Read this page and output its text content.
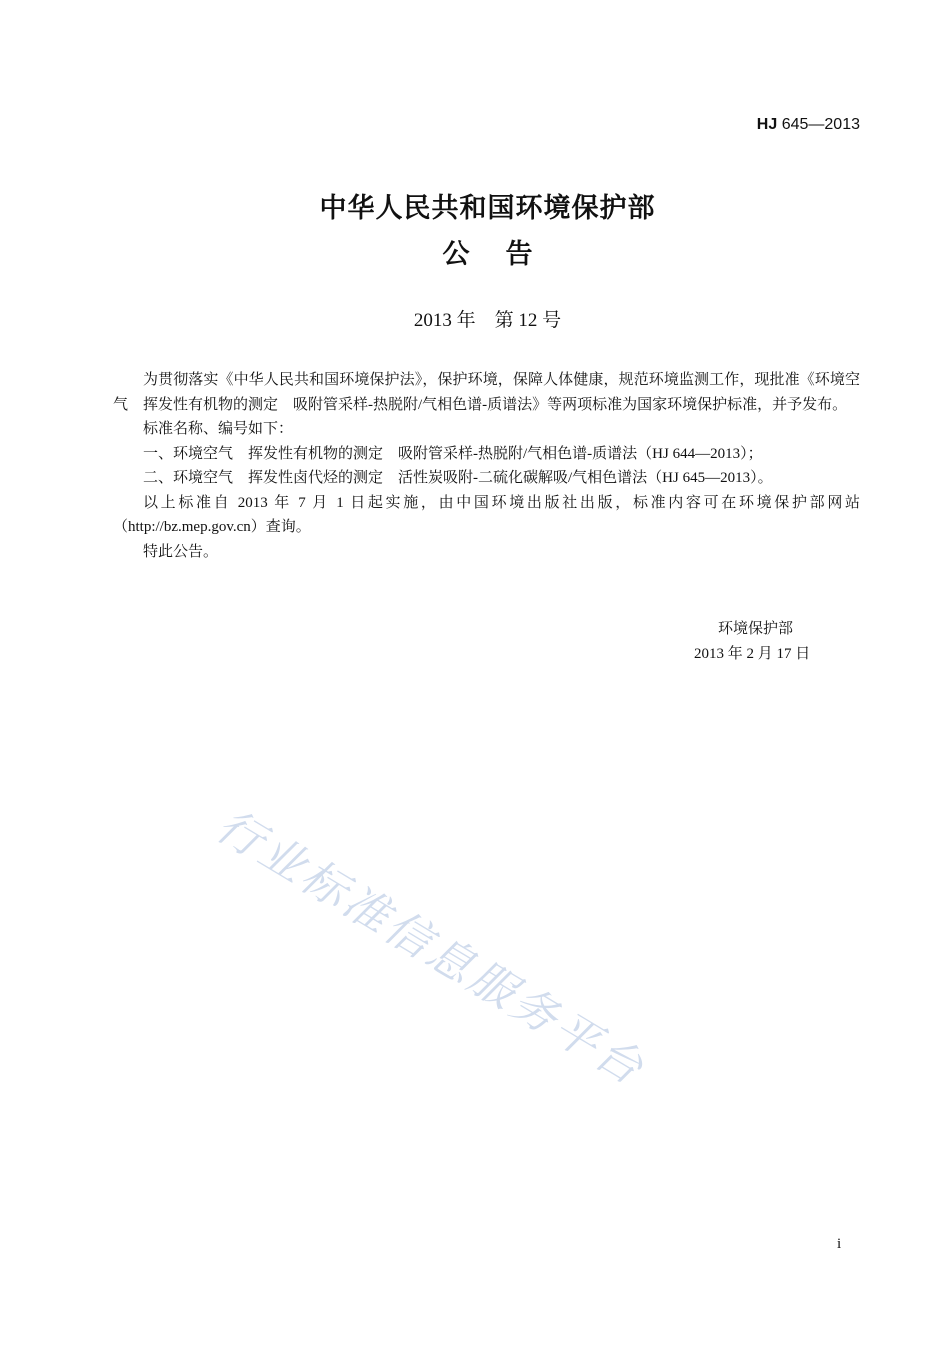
HJ 645—2013
中华人民共和国环境保护部
公告
2013 年　第 12 号

为贯彻落实《中华人民共和国环境保护法》，保护环境，保障人体健康，规范环境监测工作，现批准《环境空气　挥发性有机物的测定　吸附管采样-热脱附/气相色谱-质谱法》等两项标准为国家环境保护标准，并予发布。

标准名称、编号如下：

一、环境空气　挥发性有机物的测定　吸附管采样-热脱附/气相色谱-质谱法（HJ 644—2013）；

二、环境空气　挥发性卤代烃的测定　活性炭吸附-二硫化碳解吸/气相色谱法（HJ 645—2013）。

以上标准自 2013 年 7 月 1 日起实施，由中国环境出版社出版，标准内容可在环境保护部网站（http://bz.mep.gov.cn）查询。

特此公告。

环境保护部
2013 年 2 月 17 日
行业标准信息服务平台
i
